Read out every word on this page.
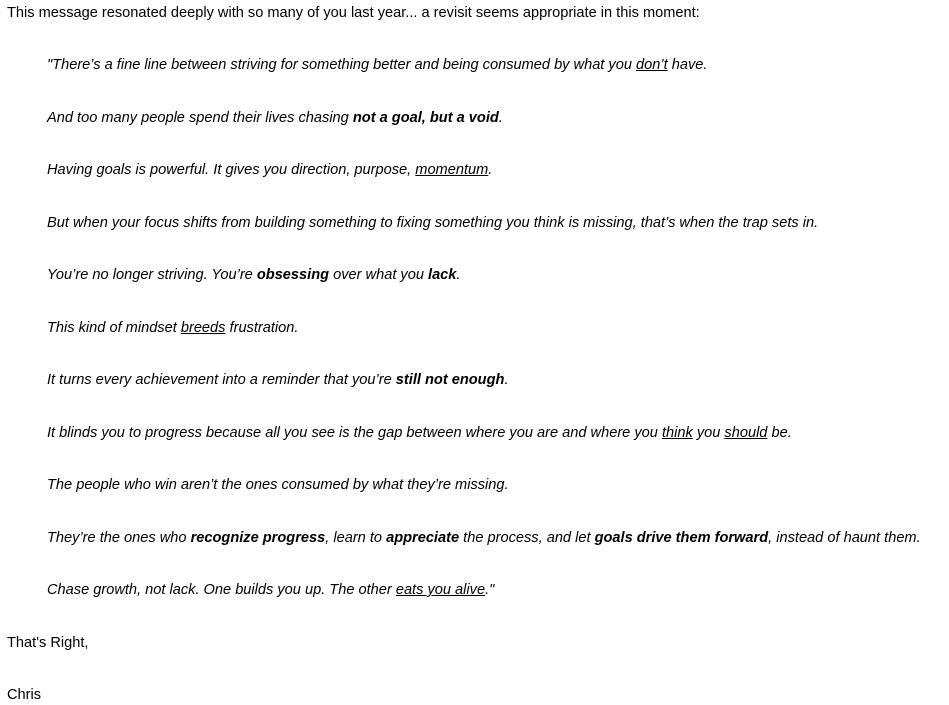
This message resonated deeply with so many of you last year... a revisit seems appropriate in this moment:
"There’s a fine line between striving for something better and being consumed by what you don’t have.
And too many people spend their lives chasing not a goal, but a void.
Having goals is powerful. It gives you direction, purpose, momentum.
But when your focus shifts from building something to fixing something you think is missing, that’s when the trap sets in.
You’re no longer striving. You’re obsessing over what you lack.
This kind of mindset breeds frustration.
It turns every achievement into a reminder that you’re still not enough.
It blinds you to progress because all you see is the gap between where you are and where you think you should be.
The people who win aren’t the ones consumed by what they’re missing.
They’re the ones who recognize progress, learn to appreciate the process, and let goals drive them forward, instead of haunt them.
Chase growth, not lack. One builds you up. The other eats you alive."
That's Right,
Chris
